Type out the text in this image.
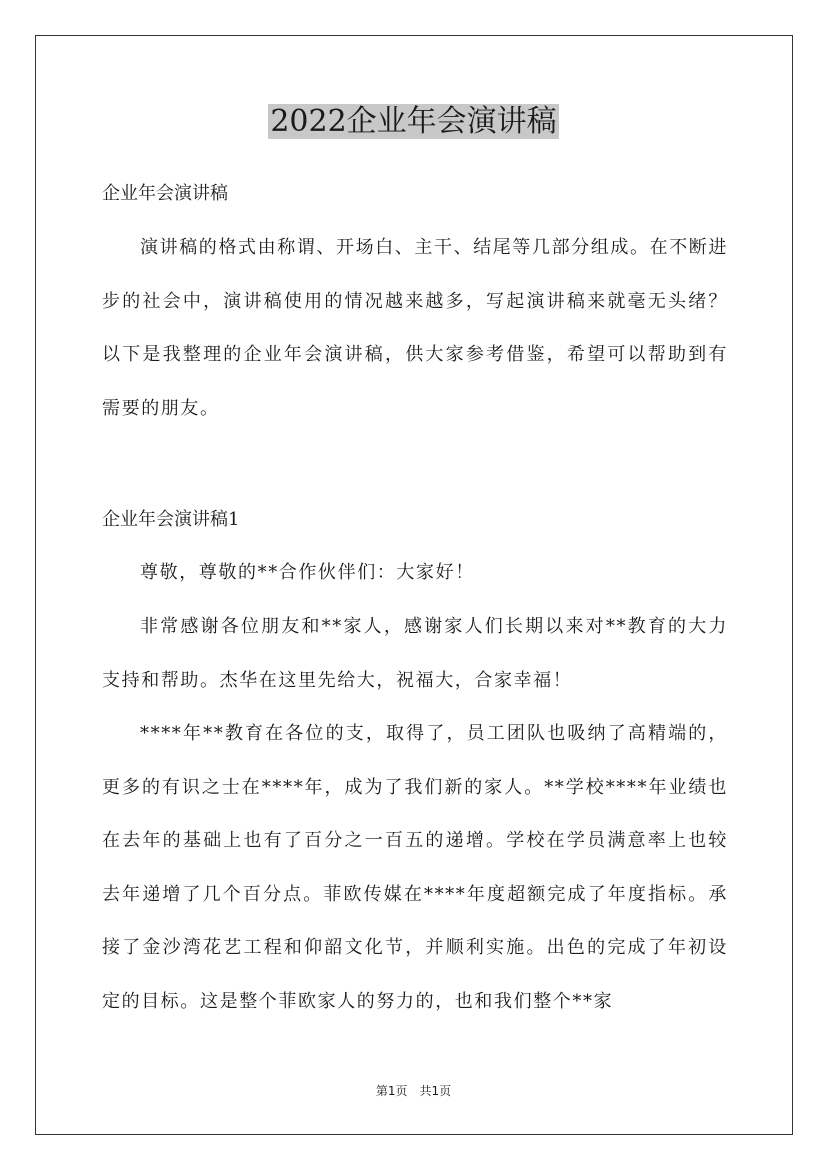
2022企业年会演讲稿

企业年会演讲稿

演讲稿的格式由称谓、开场白、主干、结尾等几部分组成。在不断进步的社会中，演讲稿使用的情况越来越多，写起演讲稿来就毫无头绪？以下是我整理的企业年会演讲稿，供大家参考借鉴，希望可以帮助到有需要的朋友。

企业年会演讲稿1

尊敬，尊敬的**合作伙伴们：大家好！

非常感谢各位朋友和**家人，感谢家人们长期以来对**教育的大力支持和帮助。杰华在这里先给大，祝福大，合家幸福！

****年**教育在各位的支，取得了，员工团队也吸纳了高精端的，更多的有识之士在****年，成为了我们新的家人。**学校****年业绩也在去年的基础上也有了百分之一百五的递增。学校在学员满意率上也较去年递增了几个百分点。菲欧传媒在****年度超额完成了年度指标。承接了金沙湾花艺工程和仰韶文化节，并顺利实施。出色的完成了年初设定的目标。这是整个菲欧家人的努力的，也和我们整个**家

第1页　共1页
